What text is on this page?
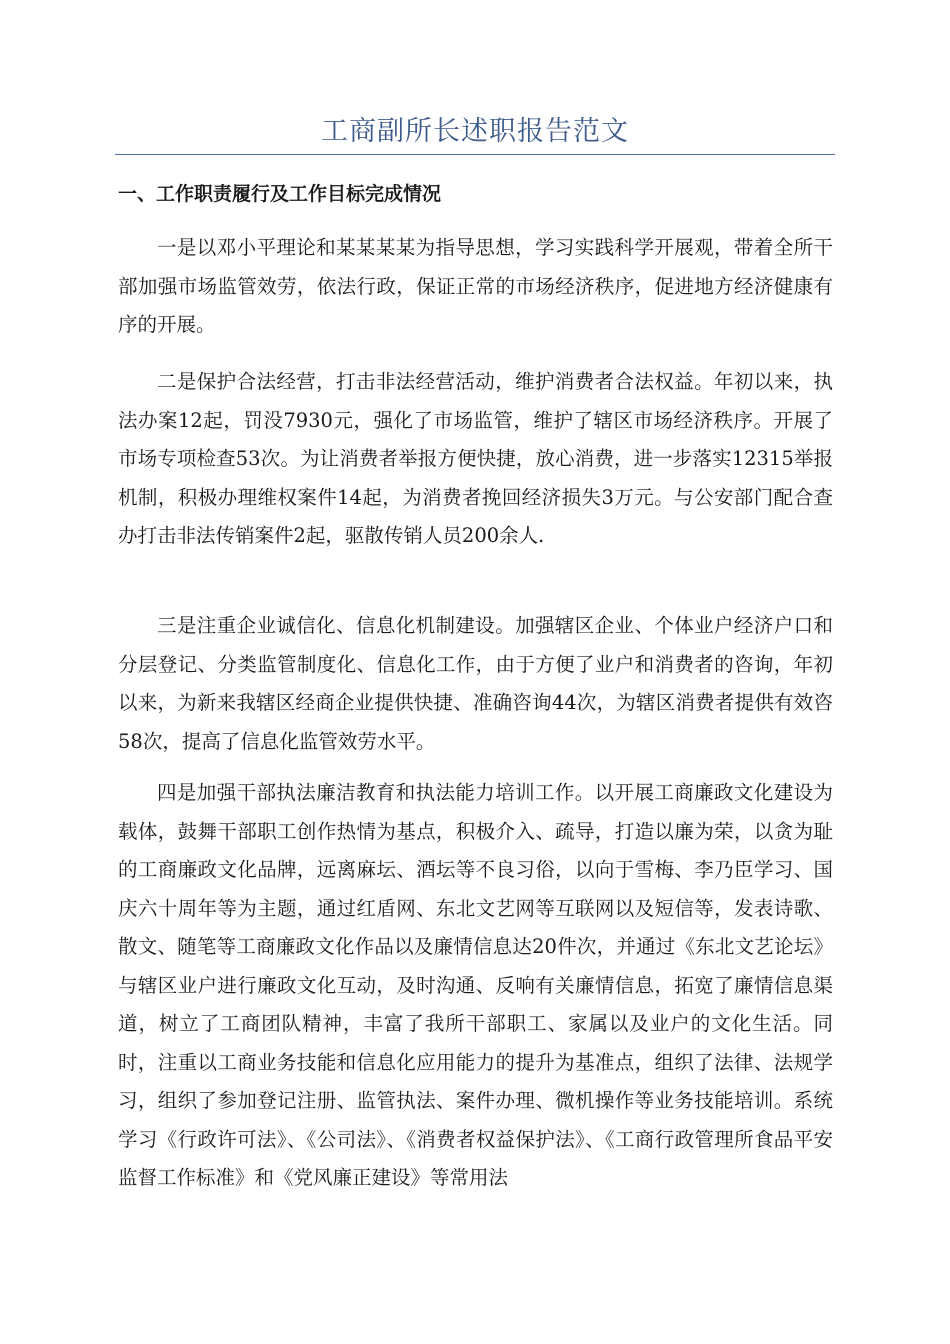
工商副所长述职报告范文
一、工作职责履行及工作目标完成情况

一是以邓小平理论和某某某某为指导思想，学习实践科学开展观，带着全所干部加强市场监管效劳，依法行政，保证正常的市场经济秩序，促进地方经济健康有序的开展。

二是保护合法经营，打击非法经营活动，维护消费者合法权益。年初以来，执法办案12起，罚没7930元，强化了市场监管，维护了辖区市场经济秩序。开展了市场专项检查53次。为让消费者举报方便快捷，放心消费，进一步落实12315举报机制，积极办理维权案件14起，为消费者挽回经济损失3万元。与公安部门配合查办打击非法传销案件2起，驱散传销人员200余人.

三是注重企业诚信化、信息化机制建设。加强辖区企业、个体业户经济户口和分层登记、分类监管制度化、信息化工作，由于方便了业户和消费者的咨询，年初以来，为新来我辖区经商企业提供快捷、准确咨询44次，为辖区消费者提供有效咨58次，提高了信息化监管效劳水平。

四是加强干部执法廉洁教育和执法能力培训工作。以开展工商廉政文化建设为载体，鼓舞干部职工创作热情为基点，积极介入、疏导，打造以廉为荣，以贪为耻的工商廉政文化品牌，远离麻坛、酒坛等不良习俗，以向于雪梅、李乃臣学习、国庆六十周年等为主题，通过红盾网、东北文艺网等互联网以及短信等，发表诗歌、散文、随笔等工商廉政文化作品以及廉情信息达20件次，并通过《东北文艺论坛》与辖区业户进行廉政文化互动，及时沟通、反响有关廉情信息，拓宽了廉情信息渠道，树立了工商团队精神，丰富了我所干部职工、家属以及业户的文化生活。同时，注重以工商业务技能和信息化应用能力的提升为基准点，组织了法律、法规学习，组织了参加登记注册、监管执法、案件办理、微机操作等业务技能培训。系统学习《行政许可法》、《公司法》、《消费者权益保护法》、《工商行政管理所食品平安监督工作标准》和《党风廉正建设》等常用法
